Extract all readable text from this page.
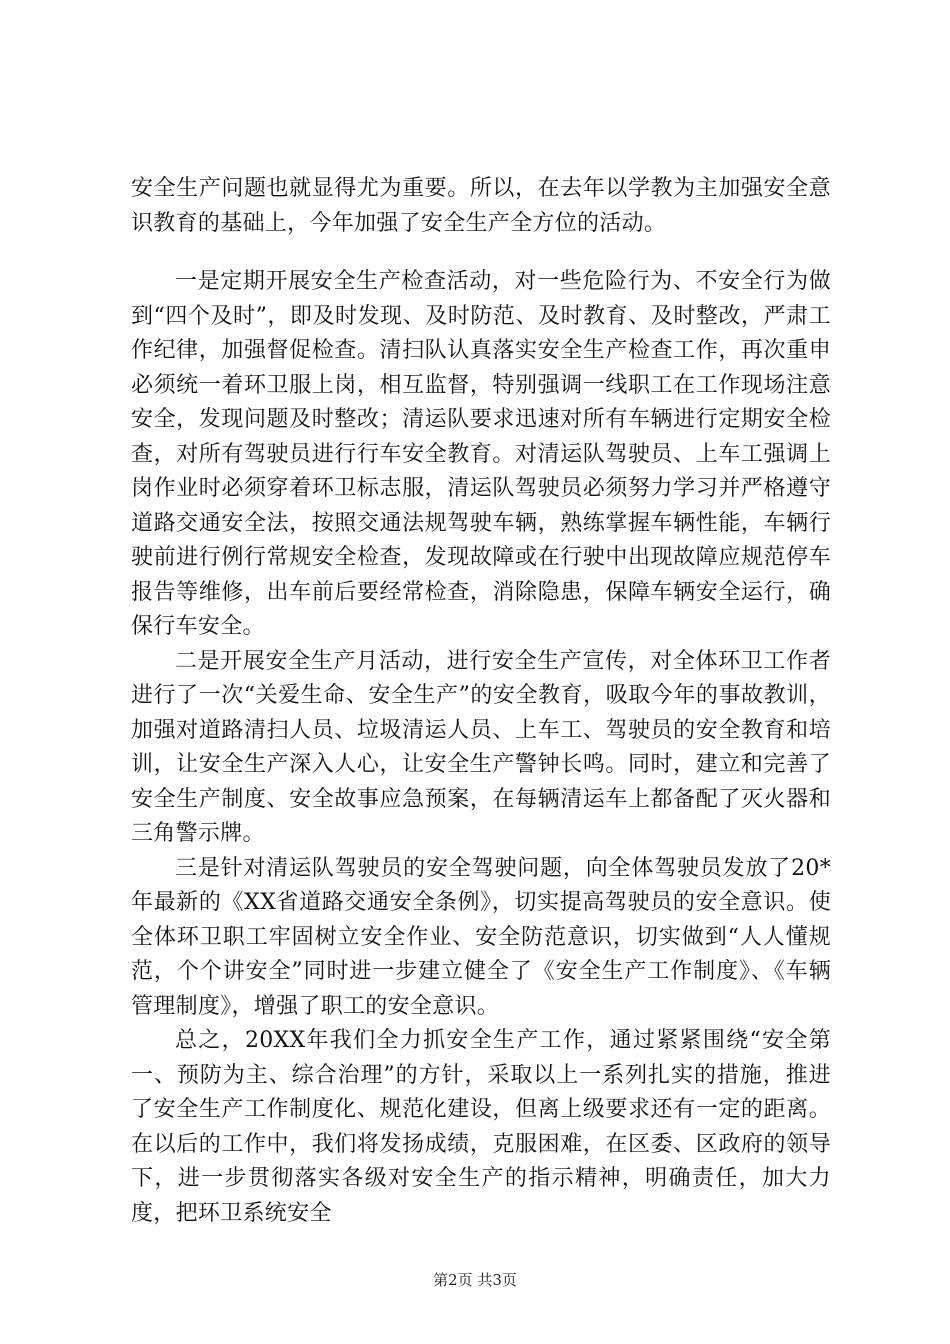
安全生产问题也就显得尤为重要。所以，在去年以学教为主加强安全意识教育的基础上，今年加强了安全生产全方位的活动。

一是定期开展安全生产检查活动，对一些危险行为、不安全行为做到“四个及时”，即及时发现、及时防范、及时教育、及时整改，严肃工作纪律，加强督促检查。清扫队认真落实安全生产检查工作，再次重申必须统一着环卫服上岗，相互监督，特别强调一线职工在工作现场注意安全，发现问题及时整改；清运队要求迅速对所有车辆进行定期安全检查，对所有驾驶员进行行车安全教育。对清运队驾驶员、上车工强调上岗作业时必须穿着环卫标志服，清运队驾驶员必须努力学习并严格遵守道路交通安全法，按照交通法规驾驶车辆，熟练掌握车辆性能，车辆行驶前进行例行常规安全检查，发现故障或在行驶中出现故障应规范停车报告等维修，出车前后要经常检查，消除隐患，保障车辆安全运行，确保行车安全。

二是开展安全生产月活动，进行安全生产宣传，对全体环卫工作者进行了一次“关爱生命、安全生产”的安全教育，吸取今年的事故教训，加强对道路清扫人员、垃圾清运人员、上车工、驾驶员的安全教育和培训，让安全生产深入人心，让安全生产警钟长鸣。同时，建立和完善了安全生产制度、安全故事应急预案，在每辆清运车上都备配了灭火器和三角警示牌。

三是针对清运队驾驶员的安全驾驶问题，向全体驾驶员发放了20*年最新的《XX省道路交通安全条例》，切实提高驾驶员的安全意识。使全体环卫职工牢固树立安全作业、安全防范意识，切实做到“人人懂规范，个个讲安全”同时进一步建立健全了《安全生产工作制度》、《车辆管理制度》，增强了职工的安全意识。

总之，20XX年我们全力抓安全生产工作，通过紧紧围绕“安全第一、预防为主、综合治理”的方针，采取以上一系列扎实的措施，推进了安全生产工作制度化、规范化建设，但离上级要求还有一定的距离。在以后的工作中，我们将发扬成绩，克服困难，在区委、区政府的领导下，进一步贯彻落实各级对安全生产的指示精神，明确责任，加大力度，把环卫系统安全

第2页 共3页
